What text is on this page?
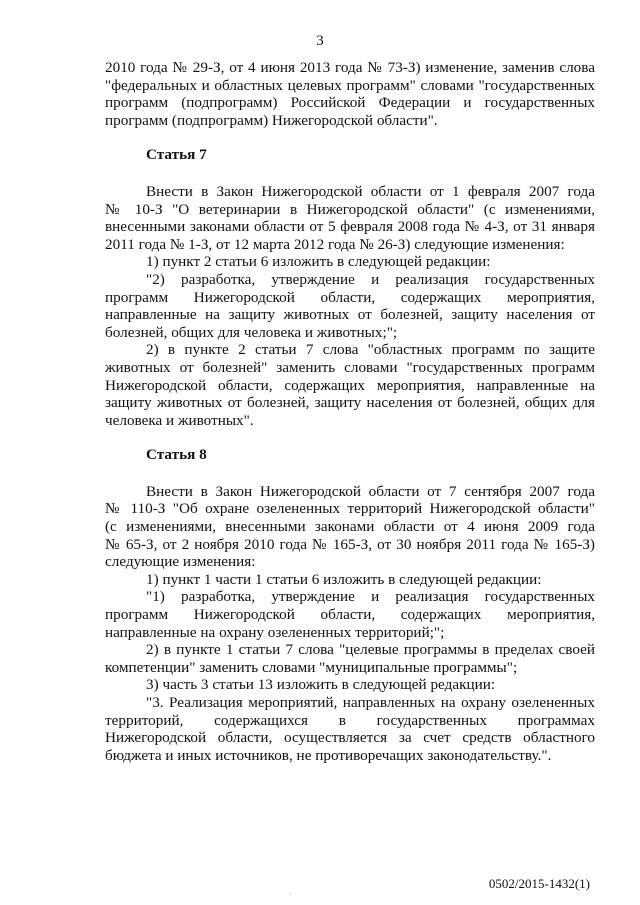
3
2010 года № 29-З, от 4 июня 2013 года № 73-З) изменение, заменив слова
"федеральных и областных целевых программ" словами "государственных
программ (подпрограмм) Российской Федерации и государственных
программ (подпрограмм) Нижегородской области".
Статья 7
Внести в Закон Нижегородской области от 1 февраля 2007 года
№ 10-З "О ветеринарии в Нижегородской области" (с изменениями,
внесенными законами области от 5 февраля 2008 года № 4-З, от 31 января
2011 года № 1-З, от 12 марта 2012 года № 26-З) следующие изменения:
1) пункт 2 статьи 6 изложить в следующей редакции:
"2) разработка, утверждение и реализация государственных
программ Нижегородской области, содержащих мероприятия,
направленные на защиту животных от болезней, защиту населения от
болезней, общих для человека и животных;";
2) в пункте 2 статьи 7 слова "областных программ по защите
животных от болезней" заменить словами "государственных программ
Нижегородской области, содержащих мероприятия, направленные на
защиту животных от болезней, защиту населения от болезней, общих для
человека и животных".
Статья 8
Внести в Закон Нижегородской области от 7 сентября 2007 года
№ 110-З "Об охране озелененных территорий Нижегородской области"
(с изменениями, внесенными законами области от 4 июня 2009 года
№ 65-З, от 2 ноября 2010 года № 165-З, от 30 ноября 2011 года № 165-З)
следующие изменения:
1) пункт 1 части 1 статьи 6 изложить в следующей редакции:
"1) разработка, утверждение и реализация государственных
программ Нижегородской области, содержащих мероприятия,
направленные на охрану озелененных территорий;";
2) в пункте 1 статьи 7 слова "целевые программы в пределах своей
компетенции" заменить словами "муниципальные программы";
3) часть 3 статьи 13 изложить в следующей редакции:
"3. Реализация мероприятий, направленных на охрану озелененных
территорий, содержащихся в государственных программах
Нижегородской области, осуществляется за счет средств областного
бюджета и иных источников, не противоречащих законодательству.".
0502/2015-1432(1)
ʻ
